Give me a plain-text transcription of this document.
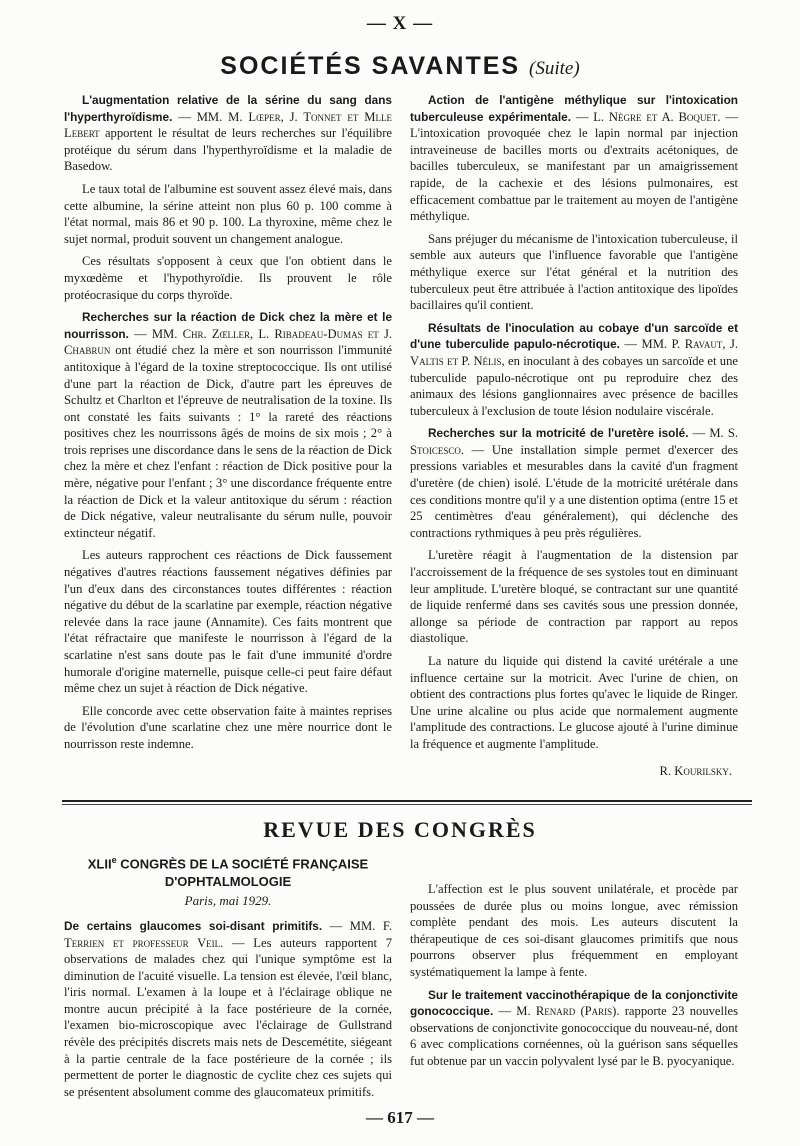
— X —
SOCIÉTÉS SAVANTES (Suite)

L'augmentation relative de la sérine du sang dans l'hyperthyroïdisme. — MM. M. Lœper, J. Tonnet et Mlle Lebert apportent le résultat de leurs recherches sur l'équilibre protéique du sérum dans l'hyperthyroïdisme et la maladie de Basedow.

Le taux total de l'albumine est souvent assez élevé mais, dans cette albumine, la sérine atteint non plus 60 p. 100 comme à l'état normal, mais 86 et 90 p. 100. La thyroxine, même chez le sujet normal, produit souvent un changement analogue.

Ces résultats s'opposent à ceux que l'on obtient dans le myxœdème et l'hypothyroïdie. Ils prouvent le rôle protéocrasique du corps thyroïde.

Recherches sur la réaction de Dick chez la mère et le nourrisson. — MM. Chr. Zœller, L. Ribadeau-Dumas et J. Chabrun ont étudié chez la mère et son nourrisson l'immunité antitoxique à l'égard de la toxine streptococcique. Ils ont utilisé d'une part la réaction de Dick, d'autre part les épreuves de Schultz et Charlton et l'épreuve de neutralisation de la toxine. Ils ont constaté les faits suivants : 1° la rareté des réactions positives chez les nourrissons âgés de moins de six mois ; 2° à trois reprises une discordance dans le sens de la réaction de Dick chez la mère et chez l'enfant : réaction de Dick positive pour la mère, négative pour l'enfant ; 3° une discordance fréquente entre la réaction de Dick et la valeur antitoxique du sérum : réaction de Dick négative, valeur neutralisante du sérum nulle, pouvoir extincteur négatif.

Les auteurs rapprochent ces réactions de Dick faussement négatives d'autres réactions faussement négatives définies par l'un d'eux dans des circonstances toutes différentes : réaction négative du début de la scarlatine par exemple, réaction négative relevée dans la race jaune (Annamite). Ces faits montrent que l'état réfractaire que manifeste le nourrisson à l'égard de la scarlatine n'est sans doute pas le fait d'une immunité d'ordre humorale d'origine maternelle, puisque celle-ci peut faire défaut même chez un sujet à réaction de Dick négative.

Elle concorde avec cette observation faite à maintes reprises de l'évolution d'une scarlatine chez une mère nourrice dont le nourrisson reste indemne.

Action de l'antigène méthylique sur l'intoxication tuberculeuse expérimentale. — L. Nègre et A. Boquet. — L'intoxication provoquée chez le lapin normal par injection intraveineuse de bacilles morts ou d'extraits acétoniques, de bacilles tuberculeux, se manifestant par un amaigrissement rapide, de la cachexie et des lésions pulmonaires, est efficacement combattue par le traitement au moyen de l'antigène méthylique.

Sans préjuger du mécanisme de l'intoxication tuberculeuse, il semble aux auteurs que l'influence favorable que l'antigène méthylique exerce sur l'état général et la nutrition des tuberculeux peut être attribuée à l'action antitoxique des lipoïdes bacillaires qu'il contient.

Résultats de l'inoculation au cobaye d'un sarcoïde et d'une tuberculide papulo-nécrotique. — MM. P. Ravaut, J. Valtis et P. Nélis, en inoculant à des cobayes un sarcoïde et une tuberculide papulo-nécrotique ont pu reproduire chez des animaux des lésions ganglionnaires avec présence de bacilles tuberculeux à l'exclusion de toute lésion nodulaire viscérale.

Recherches sur la motricité de l'uretère isolé. — M. S. Stoicesco. — Une installation simple permet d'exercer des pressions variables et mesurables dans la cavité d'un fragment d'uretère (de chien) isolé. L'étude de la motricité urétérale dans ces conditions montre qu'il y a une distention optima (entre 15 et 25 centimètres d'eau généralement), qui déclenche des contractions rythmiques à peu près régulières.

L'uretère réagit à l'augmentation de la distension par l'accroissement de la fréquence de ses systoles tout en diminuant leur amplitude. L'uretère bloqué, se contractant sur une quantité de liquide renfermé dans ses cavités sous une pression donnée, allonge sa période de contraction par rapport au repos diastolique.

La nature du liquide qui distend la cavité urétérale a une influence certaine sur la motricit. Avec l'urine de chien, on obtient des contractions plus fortes qu'avec le liquide de Ringer. Une urine alcaline ou plus acide que normalement augmente l'amplitude des contractions. Le glucose ajouté à l'urine diminue la fréquence et augmente l'amplitude.

R. Kourilsky.

REVUE DES CONGRÈS
XLIIe CONGRÈS DE LA SOCIÉTÉ FRANÇAISE D'OPHTALMOLOGIE
Paris, mai 1929.

De certains glaucomes soi-disant primitifs. — MM. F. Terrien et professeur Veil. — Les auteurs rapportent 7 observations de malades chez qui l'unique symptôme est la diminution de l'acuité visuelle. La tension est élevée, l'œil blanc, l'iris normal. L'examen à la loupe et à l'éclairage oblique ne montre aucun précipité à la face postérieure de la cornée, l'examen bio-microscopique avec l'éclairage de Gullstrand révèle des précipités discrets mais nets de Descemétite, siégeant à la partie centrale de la face postérieure de la cornée ; ils permettent de porter le diagnostic de cyclite chez ces sujets qui se présentent absolument comme des glaucomateux primitifs.

L'affection est le plus souvent unilatérale, et procède par poussées de durée plus ou moins longue, avec rémission complète pendant des mois. Les auteurs discutent la thérapeutique de ces soi-disant glaucomes primitifs que nous pourrons observer plus fréquemment en employant systématiquement la lampe à fente.

Sur le traitement vaccinothérapique de la conjonctivite gonococcique. — M. Renard (Paris). rapporte 23 nouvelles observations de conjonctivite gonococcique du nouveau-né, dont 6 avec complications cornéennes, où la guérison sans séquelles fut obtenue par un vaccin polyvalent lysé par le B. pyocyanique.

— 617 —
